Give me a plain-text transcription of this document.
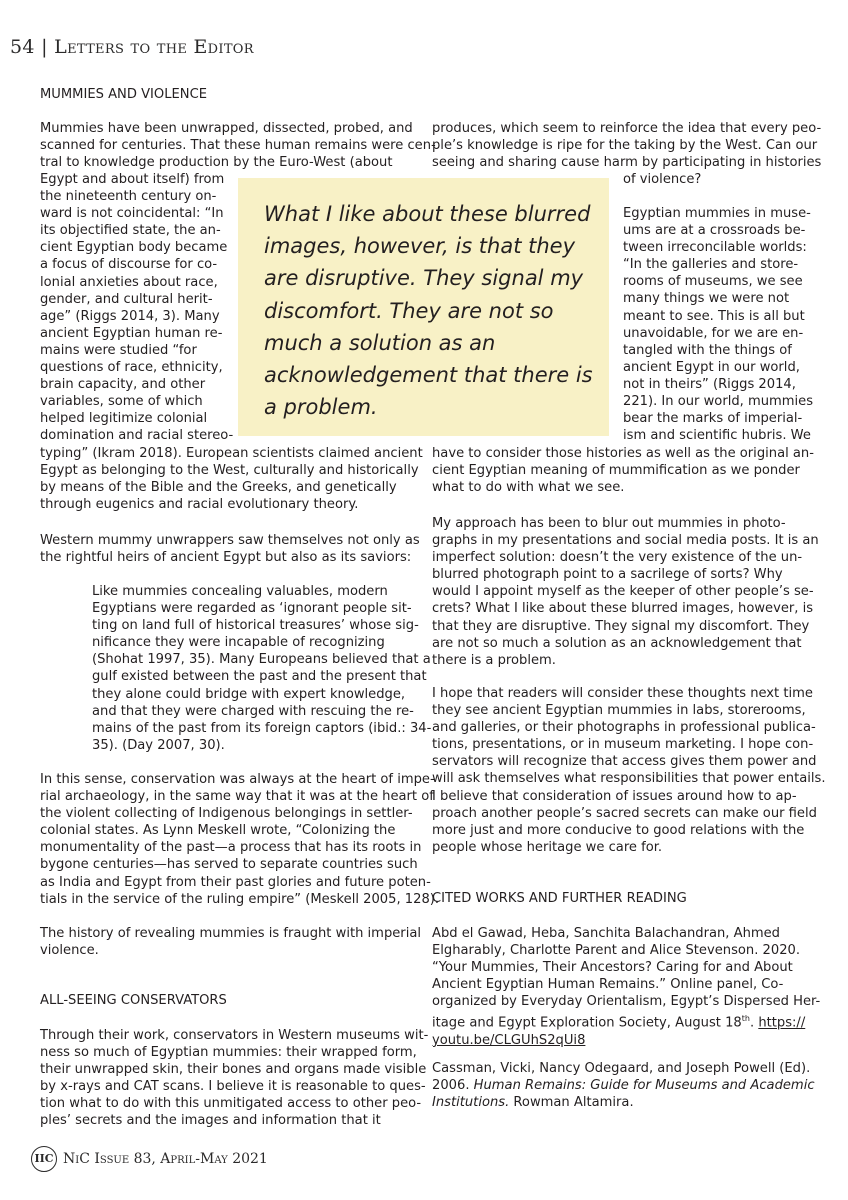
54 | Letters to the Editor
MUMMIES AND VIOLENCE
Mummies have been unwrapped, dissected, probed, and
scanned for centuries. That these human remains were cen-
tral to knowledge production by the Euro-West (about
Egypt and about itself) from
the nineteenth century on-
ward is not coincidental: “In
its objectified state, the an-
cient Egyptian body became
a focus of discourse for co-
lonial anxieties about race,
gender, and cultural herit-
age” (Riggs 2014, 3). Many
ancient Egyptian human re-
mains were studied “for
questions of race, ethnicity,
brain capacity, and other
variables, some of which
helped legitimize colonial
domination and racial stereo-
typing” (Ikram 2018). European scientists claimed ancient
Egypt as belonging to the West, culturally and historically
by means of the Bible and the Greeks, and genetically
through eugenics and racial evolutionary theory.
Western mummy unwrappers saw themselves not only as
the rightful heirs of ancient Egypt but also as its saviors:
Like mummies concealing valuables, modern
Egyptians were regarded as ‘ignorant people sit-
ting on land full of historical treasures’ whose sig-
nificance they were incapable of recognizing
(Shohat 1997, 35). Many Europeans believed that a
gulf existed between the past and the present that
they alone could bridge with expert knowledge,
and that they were charged with rescuing the re-
mains of the past from its foreign captors (ibid.: 34-
35). (Day 2007, 30).
In this sense, conservation was always at the heart of impe-
rial archaeology, in the same way that it was at the heart of
the violent collecting of Indigenous belongings in settler-
colonial states. As Lynn Meskell wrote, “Colonizing the
monumentality of the past—a process that has its roots in
bygone centuries—has served to separate countries such
as India and Egypt from their past glories and future poten-
tials in the service of the ruling empire” (Meskell 2005, 128).
The history of revealing mummies is fraught with imperial
violence.
ALL-SEEING CONSERVATORS
Through their work, conservators in Western museums wit-
ness so much of Egyptian mummies: their wrapped form,
their unwrapped skin, their bones and organs made visible
by x-rays and CAT scans. I believe it is reasonable to ques-
tion what to do with this unmitigated access to other peo-
ples’ secrets and the images and information that it

What I like about these blurred images, however, is that they are disruptive. They signal my discomfort. They are not so much a solution as an acknowledgement that there is a problem.

produces, which seem to reinforce the idea that every peo-
ple’s knowledge is ripe for the taking by the West. Can our
seeing and sharing cause harm by participating in histories
of violence?
Egyptian mummies in muse-
ums are at a crossroads be-
tween irreconcilable worlds:
“In the galleries and store-
rooms of museums, we see
many things we were not
meant to see. This is all but
unavoidable, for we are en-
tangled with the things of
ancient Egypt in our world,
not in theirs” (Riggs 2014,
221). In our world, mummies
bear the marks of imperial-
ism and scientific hubris. We
have to consider those histories as well as the original an-
cient Egyptian meaning of mummification as we ponder
what to do with what we see.
My approach has been to blur out mummies in photo-
graphs in my presentations and social media posts. It is an
imperfect solution: doesn’t the very existence of the un-
blurred photograph point to a sacrilege of sorts? Why
would I appoint myself as the keeper of other people’s se-
crets? What I like about these blurred images, however, is
that they are disruptive. They signal my discomfort. They
are not so much a solution as an acknowledgement that
there is a problem.
I hope that readers will consider these thoughts next time
they see ancient Egyptian mummies in labs, storerooms,
and galleries, or their photographs in professional publica-
tions, presentations, or in museum marketing. I hope con-
servators will recognize that access gives them power and
will ask themselves what responsibilities that power entails.
I believe that consideration of issues around how to ap-
proach another people’s sacred secrets can make our field
more just and more conducive to good relations with the
people whose heritage we care for.
CITED WORKS AND FURTHER READING
Abd el Gawad, Heba, Sanchita Balachandran, Ahmed
Elgharably, Charlotte Parent and Alice Stevenson. 2020.
“Your Mummies, Their Ancestors? Caring for and About
Ancient Egyptian Human Remains.” Online panel, Co-
organized by Everyday Orientalism, Egypt’s Dispersed Her-
itage and Egypt Exploration Society, August 18th. https://
youtu.be/CLGUhS2qUi8
Cassman, Vicki, Nancy Odegaard, and Joseph Powell (Ed).
2006. Human Remains: Guide for Museums and Academic
Institutions. Rowman Altamira.
IIC NiC Issue 83, April-May 2021
